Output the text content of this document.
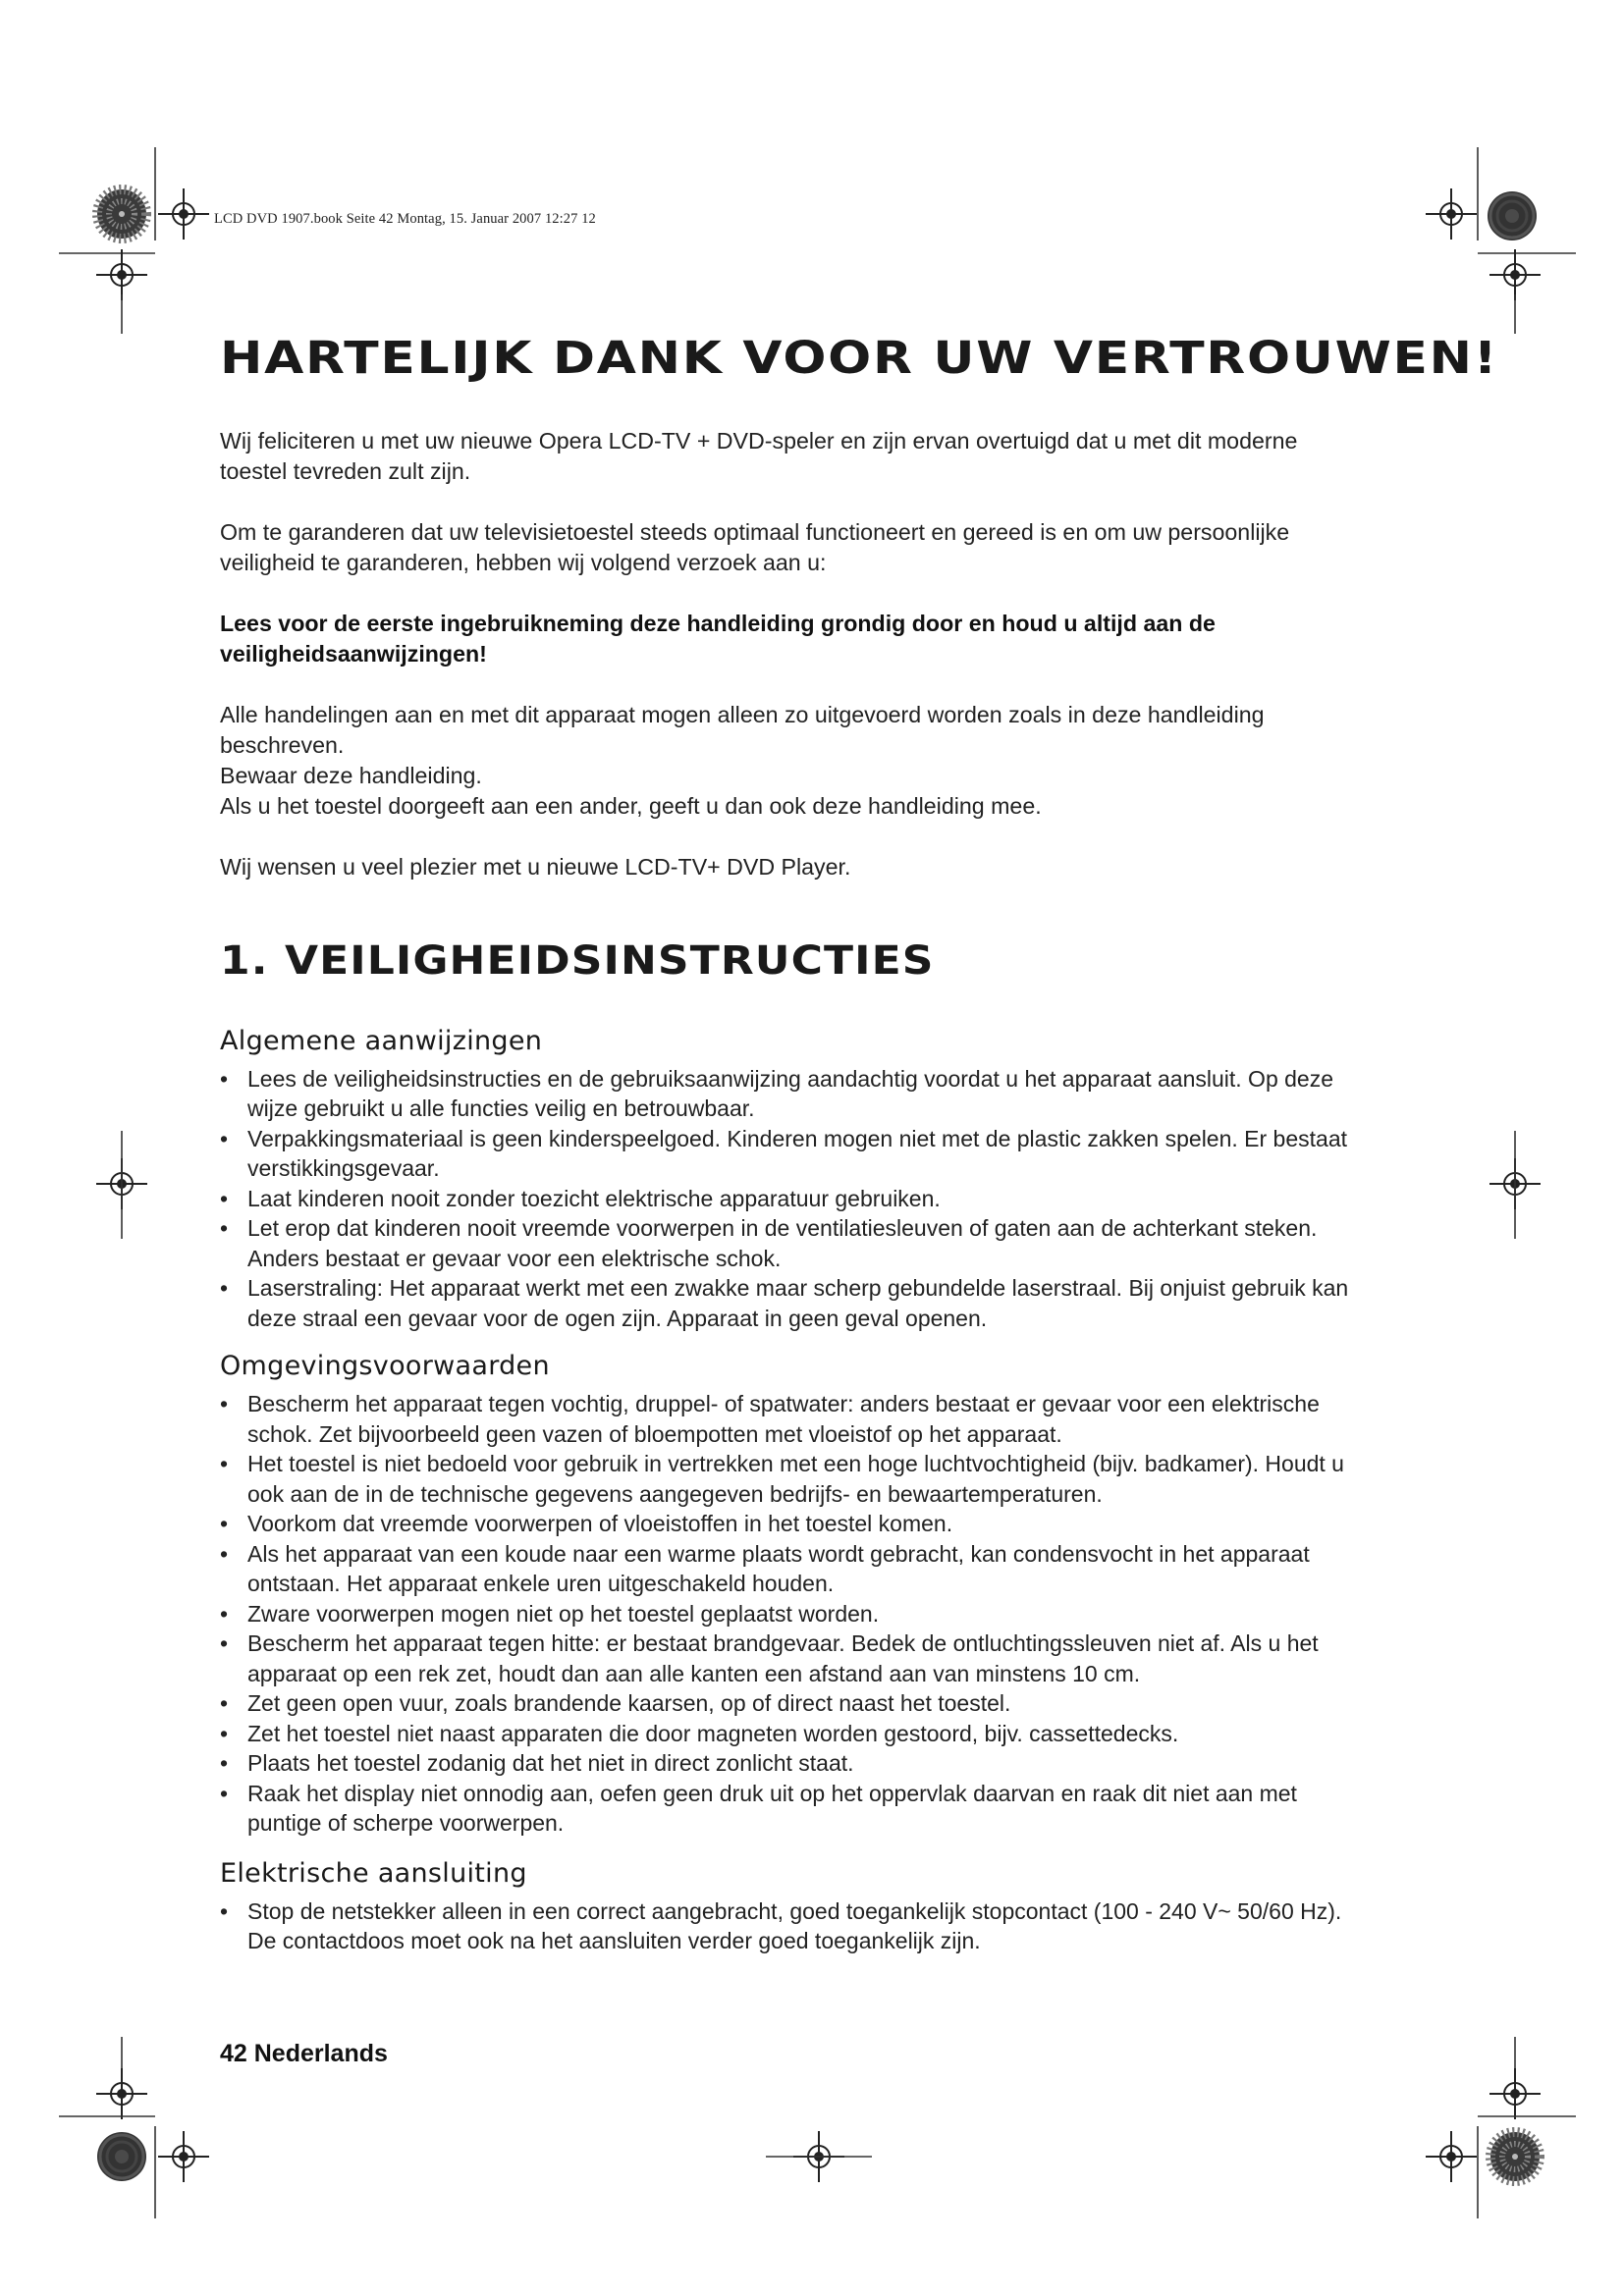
LCD DVD 1907.book Seite 42 Montag, 15. Januar 2007 12:27 12
HARTELIJK DANK VOOR UW VERTROUWEN!

Wij feliciteren u met uw nieuwe Opera LCD-TV + DVD-speler en zijn ervan overtuigd dat u met dit moderne toestel tevreden zult zijn.

Om te garanderen dat uw televisietoestel steeds optimaal functioneert en gereed is en om uw persoonlijke veiligheid te garanderen, hebben wij volgend verzoek aan u:

Lees voor de eerste ingebruikneming deze handleiding grondig door en houd u altijd aan de veiligheidsaanwijzingen!

Alle handelingen aan en met dit apparaat mogen alleen zo uitgevoerd worden zoals in deze handleiding beschreven.

Bewaar deze handleiding.

Als u het toestel doorgeeft aan een ander, geeft u dan ook deze handleiding mee.

Wij wensen u veel plezier met u nieuwe LCD-TV+ DVD Player.

1. VEILIGHEIDSINSTRUCTIES
Algemene aanwijzingen
• Lees de veiligheidsinstructies en de gebruiksaanwijzing aandachtig voordat u het apparaat aansluit. Op deze wijze gebruikt u alle functies veilig en betrouwbaar.
• Verpakkingsmateriaal is geen kinderspeelgoed. Kinderen mogen niet met de plastic zakken spelen. Er bestaat verstikkingsgevaar.
• Laat kinderen nooit zonder toezicht elektrische apparatuur gebruiken.
• Let erop dat kinderen nooit vreemde voorwerpen in de ventilatiesleuven of gaten aan de achterkant steken. Anders bestaat er gevaar voor een elektrische schok.
• Laserstraling: Het apparaat werkt met een zwakke maar scherp gebundelde laserstraal. Bij onjuist gebruik kan deze straal een gevaar voor de ogen zijn. Apparaat in geen geval openen.
Omgevingsvoorwaarden
• Bescherm het apparaat tegen vochtig, druppel- of spatwater: anders bestaat er gevaar voor een elektrische schok. Zet bijvoorbeeld geen vazen of bloempotten met vloeistof op het apparaat.
• Het toestel is niet bedoeld voor gebruik in vertrekken met een hoge luchtvochtigheid (bijv. badkamer). Houdt u ook aan de in de technische gegevens aangegeven bedrijfs- en bewaartemperaturen.
• Voorkom dat vreemde voorwerpen of vloeistoffen in het toestel komen.
• Als het apparaat van een koude naar een warme plaats wordt gebracht, kan condensvocht in het apparaat ontstaan. Het apparaat enkele uren uitgeschakeld houden.
• Zware voorwerpen mogen niet op het toestel geplaatst worden.
• Bescherm het apparaat tegen hitte: er bestaat brandgevaar. Bedek de ontluchtingssleuven niet af. Als u het apparaat op een rek zet, houdt dan aan alle kanten een afstand aan van minstens 10 cm.
• Zet geen open vuur, zoals brandende kaarsen, op of direct naast het toestel.
• Zet het toestel niet naast apparaten die door magneten worden gestoord, bijv. cassettedecks.
• Plaats het toestel zodanig dat het niet in direct zonlicht staat.
• Raak het display niet onnodig aan, oefen geen druk uit op het oppervlak daarvan en raak dit niet aan met puntige of scherpe voorwerpen.
Elektrische aansluiting
• Stop de netstekker alleen in een correct aangebracht, goed toegankelijk stopcontact (100 - 240 V~ 50/60 Hz). De contactdoos moet ook na het aansluiten verder goed toegankelijk zijn.
42 Nederlands
